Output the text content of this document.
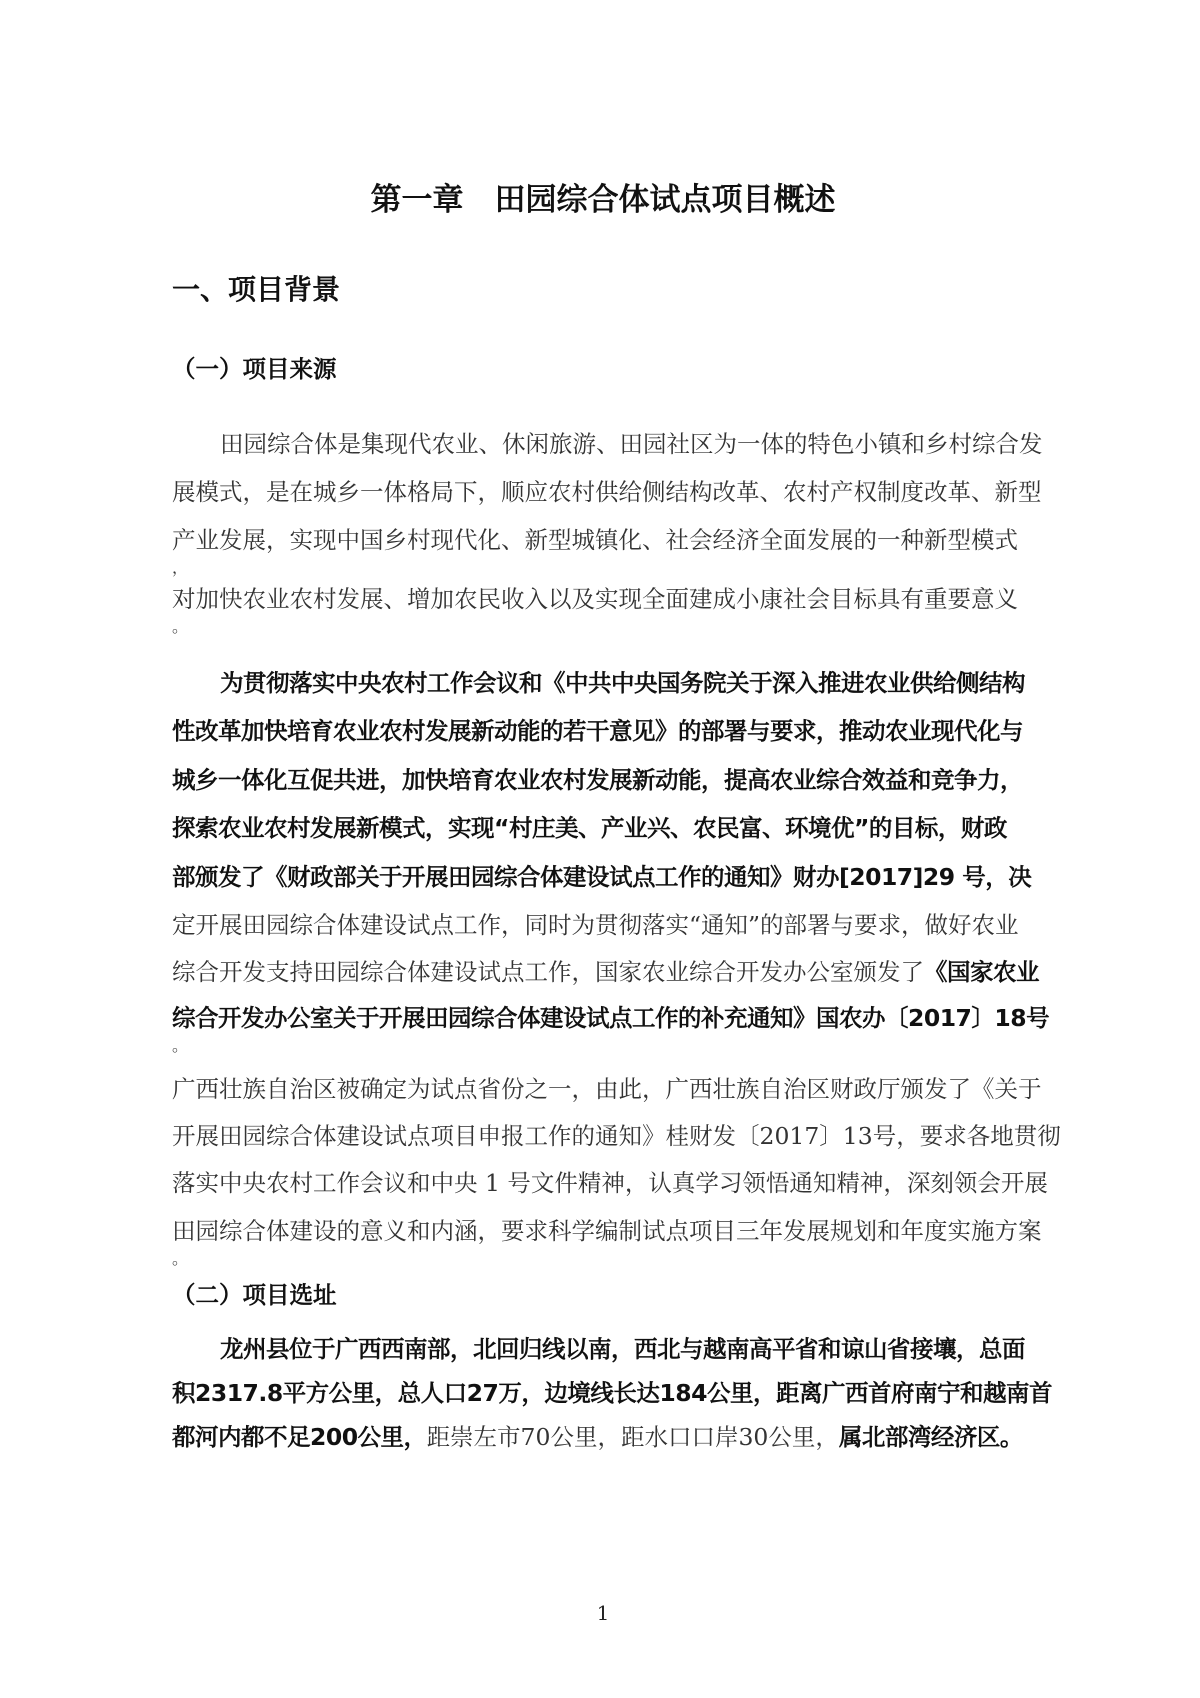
第一章　田园综合体试点项目概述
一、项目背景
（一）项目来源
田园综合体是集现代农业、休闲旅游、田园社区为一体的特色小镇和乡村综合发
展模式，是在城乡一体格局下，顺应农村供给侧结构改革、农村产权制度改革、新型
产业发展，实现中国乡村现代化、新型城镇化、社会经济全面发展的一种新型模式
，
对加快农业农村发展、增加农民收入以及实现全面建成小康社会目标具有重要意义
。
为贯彻落实中央农村工作会议和《中共中央国务院关于深入推进农业供给侧结构
性改革加快培育农业农村发展新动能的若干意见》的部署与要求，推动农业现代化与
城乡一体化互促共进，加快培育农业农村发展新动能，提高农业综合效益和竞争力，
探索农业农村发展新模式，实现“村庄美、产业兴、农民富、环境优”的目标，财政
部颁发了《财政部关于开展田园综合体建设试点工作的通知》财办[2017]29 号，决
定开展田园综合体建设试点工作，同时为贯彻落实“通知”的部署与要求，做好农业
综合开发支持田园综合体建设试点工作，国家农业综合开发办公室颁发了《国家农业
综合开发办公室关于开展田园综合体建设试点工作的补充通知》国农办〔2017〕18号
。
广西壮族自治区被确定为试点省份之一，由此，广西壮族自治区财政厅颁发了《关于
开展田园综合体建设试点项目申报工作的通知》桂财发〔2017〕13号，要求各地贯彻
落实中央农村工作会议和中央 1 号文件精神，认真学习领悟通知精神，深刻领会开展
田园综合体建设的意义和内涵，要求科学编制试点项目三年发展规划和年度实施方案
。
（二）项目选址
龙州县位于广西西南部，北回归线以南，西北与越南高平省和谅山省接壤，总面
积2317.8平方公里，总人口27万，边境线长达184公里，距离广西首府南宁和越南首
都河内都不足200公里，距崇左市70公里，距水口口岸30公里，属北部湾经济区。
1
